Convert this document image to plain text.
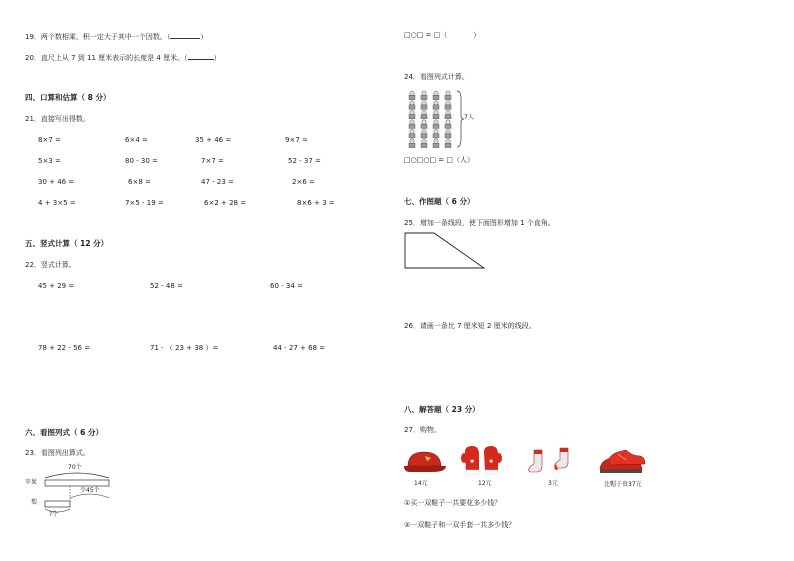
19．两个数相乘，积一定大于其中一个因数。（	）
20．直尺上从 7 到 11 厘米表示的长度是 4 厘米。（	）
四、口算和估算（ 8 分）
21．直接写出得数。
8×7 =	6×4 =	35 + 46 =	9×7 =
5×3 =	80 - 30 =	7×7 =	52 - 37 =
30 + 46 =	6×8 =	47 - 23 =	2×6 =
4 + 3×5 =	7×5 - 19 =	6×2 + 28 =	8×6 + 3 =
五、竖式计算（ 12 分）
22．竖式计算。
45 + 29 =	52 - 48 =	60 - 34 =
78 + 22 - 56 =	71 - （ 23 + 38 ）=	44 - 27 + 68 =
六、看图列式（ 6 分）
23．看图列出算式。
70个
苹果
少45个
梨
?个
□○□ = □（	）
24．看图列式计算。
7人
□○□○□ = □（人）
七、作图题（ 6 分）
25．增加一条线段，使下面图形增加 1 个直角。
26．请画一条比 7 厘米短 2 厘米的线段。
八、解答题（ 23 分）
27．购物。
✱	✱
14元	12元	3元	比帽子贵37元
①买一双鞋子一共要花多少钱？
②一双鞋子和一双手套一共多少钱？
